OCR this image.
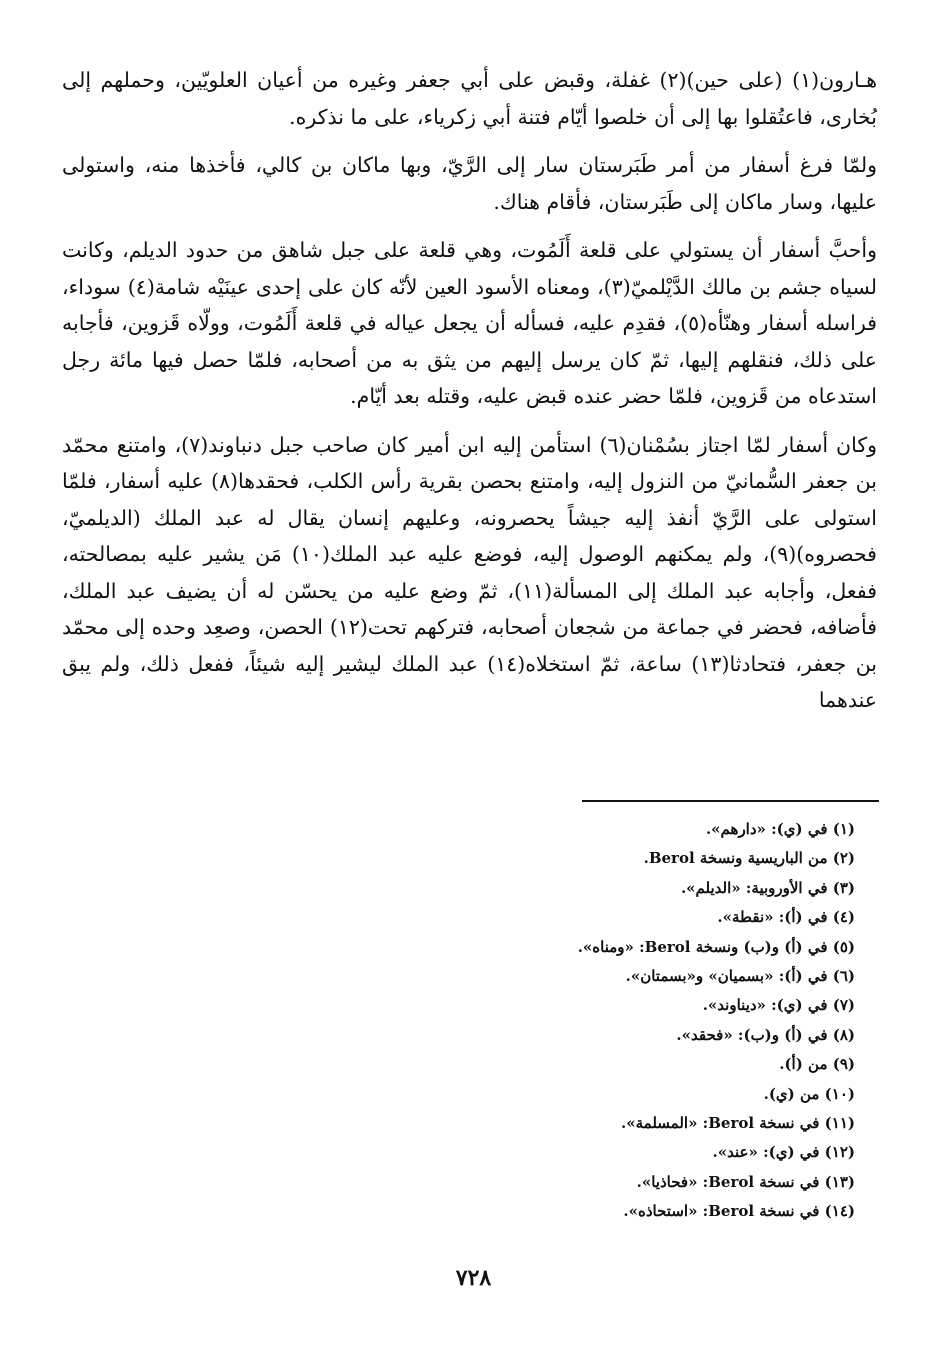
هـارون(١) (على حين)(٢) غفلة، وقبض على أبي جعفر وغيره من أعيان العلويّين، وحملهم إلى بُخارى، فاعتُقلوا بها إلى أن خلصوا أيّام فتنة أبي زكرياء، على ما نذكره.

ولمّا فرغ أسفار من أمر طَبَرستان سار إلى الرَّيّ، وبها ماكان بن كالي، فأخذها منه، واستولى عليها، وسار ماكان إلى طَبَرستان، فأقام هناك.

وأحبَّ أسفار أن يستولي على قلعة أَلَمُوت، وهي قلعة على جبل شاهق من حدود الديلم، وكانت لسياه جشم بن مالك الدَّيْلميّ(٣)، ومعناه الأسود العين لأنّه كان على إحدى عينَيْه شامة(٤) سوداء، فراسله أسفار وهنّأه(٥)، فقدِم عليه، فسأله أن يجعل عياله في قلعة أَلَمُوت، وولّاه قَزوين، فأجابه على ذلك، فنقلهم إليها، ثمّ كان يرسل إليهم من يثق به من أصحابه، فلمّا حصل فيها مائة رجل استدعاه من قَزوين، فلمّا حضر عنده قبض عليه، وقتله بعد أيّام.

وكان أسفار لمّا اجتاز بسُمْنان(٦) استأمن إليه ابن أمير كان صاحب جبل دنباوند(٧)، وامتنع محمّد بن جعفر السُّمانيّ من النزول إليه، وامتنع بحصن بقرية رأس الكلب، فحقدها(٨) عليه أسفار، فلمّا استولى على الرَّيّ أنفذ إليه جيشاً يحصرونه، وعليهم إنسان يقال له عبد الملك (الديلميّ، فحصروه)(٩)، ولم يمكنهم الوصول إليه، فوضع عليه عبد الملك(١٠) مَن يشير عليه بمصالحته، ففعل، وأجابه عبد الملك إلى المسألة(١١)، ثمّ وضع عليه من يحسّن له أن يضيف عبد الملك، فأضافه، فحضر في جماعة من شجعان أصحابه، فتركهم تحت(١٢) الحصن، وصعِد وحده إلى محمّد بن جعفر، فتحادثا(١٣) ساعة، ثمّ استخلاه(١٤) عبد الملك ليشير إليه شيئاً، ففعل ذلك، ولم يبق عندهما

(١) في (ي): «دارهم».
(٢) من الباريسية ونسخة Berol.
(٣) في الأوروبية: «الديلم».
(٤) في (أ): «نقطة».
(٥) في (أ) و(ب) ونسخة Berol: «ومناه».
(٦) في (أ): «بسميان» و«بسمتان».
(٧) في (ي): «ديناوند».
(٨) في (أ) و(ب): «فحقد».
(٩) من (أ).
(١٠) من (ي).
(١١) في نسخة Berol: «المسلمة».
(١٢) في (ي): «عند».
(١٣) في نسخة Berol: «فحاذيا».
(١٤) في نسخة Berol: «استحاذه».
٧٢٨
